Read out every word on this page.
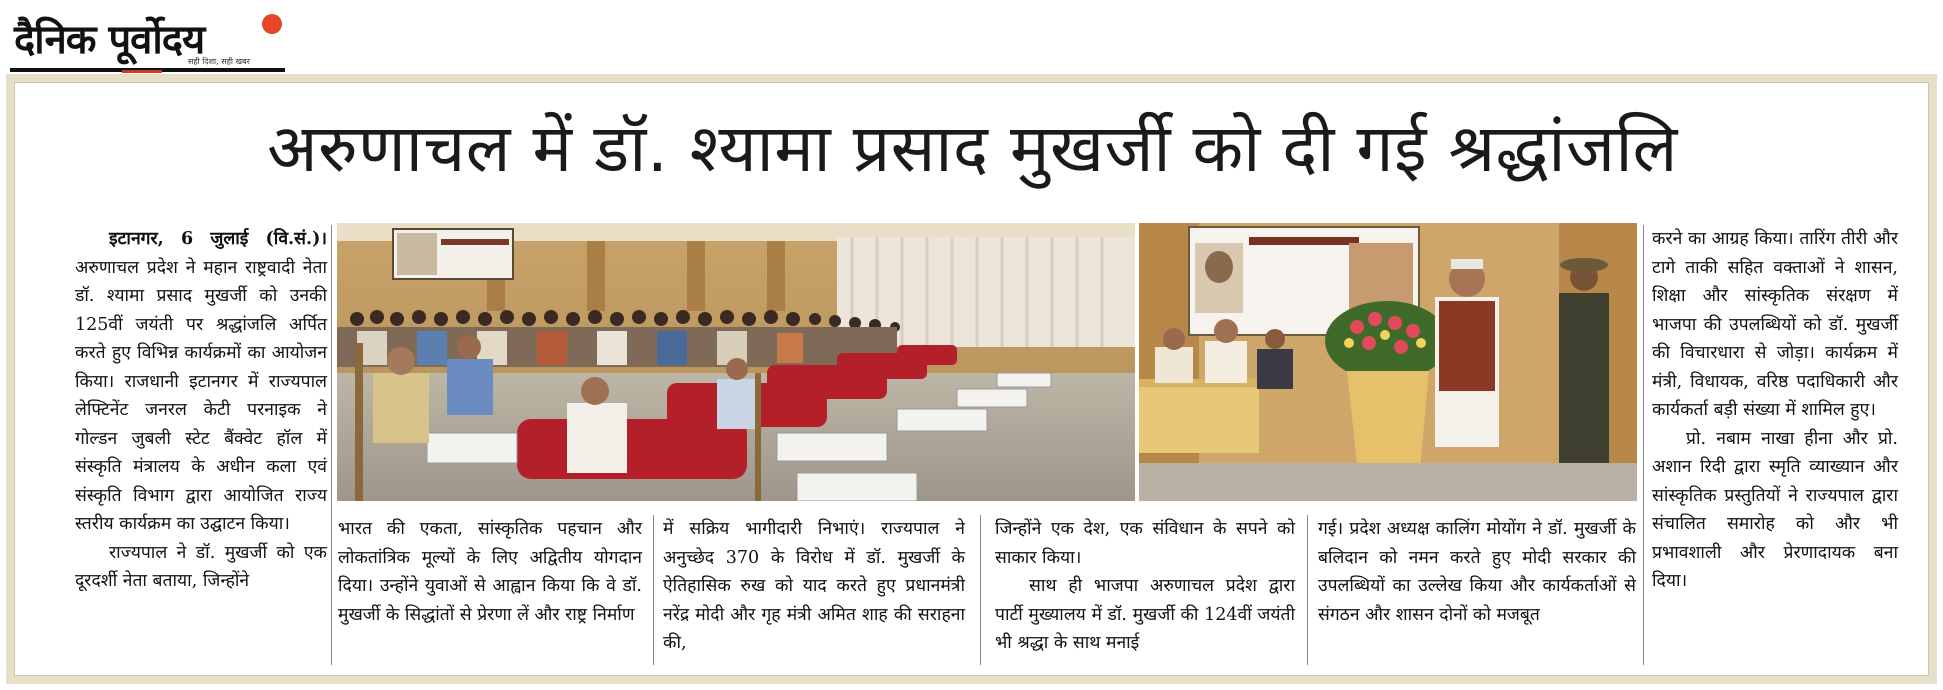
दैनिक पूर्वोदय
सही दिशा, सही खबर
अरुणाचल में डॉ. श्यामा प्रसाद मुखर्जी को दी गई श्रद्धांजलि

इटानगर, 6 जुलाई (वि.सं.)। अरुणाचल प्रदेश ने महान राष्ट्रवादी नेता डॉ. श्यामा प्रसाद मुखर्जी को उनकी 125वीं जयंती पर श्रद्धांजलि अर्पित करते हुए विभिन्न कार्यक्रमों का आयोजन किया। राजधानी इटानगर में राज्यपाल लेफ्टिनेंट जनरल केटी परनाइक ने गोल्डन जुबली स्टेट बैंक्वेट हॉल में संस्कृति मंत्रालय के अधीन कला एवं संस्कृति विभाग द्वारा आयोजित राज्य स्तरीय कार्यक्रम का उद्घाटन किया।

राज्यपाल ने डॉ. मुखर्जी को एक दूरदर्शी नेता बताया, जिन्होंने

भारत की एकता, सांस्कृतिक पहचान और लोकतांत्रिक मूल्यों के लिए अद्वितीय योगदान दिया। उन्होंने युवाओं से आह्वान किया कि वे डॉ. मुखर्जी के सिद्धांतों से प्रेरणा लें और राष्ट्र निर्माण
में सक्रिय भागीदारी निभाएं। राज्यपाल ने अनुच्छेद 370 के विरोध में डॉ. मुखर्जी के ऐतिहासिक रुख को याद करते हुए प्रधानमंत्री नरेंद्र मोदी और गृह मंत्री अमित शाह की सराहना की,
जिन्होंने एक देश, एक संविधान के सपने को साकार किया।
साथ ही भाजपा अरुणाचल प्रदेश द्वारा पार्टी मुख्यालय में डॉ. मुखर्जी की 124वीं जयंती भी श्रद्धा के साथ मनाई
गई। प्रदेश अध्यक्ष कालिंग मोयोंग ने डॉ. मुखर्जी के बलिदान को नमन करते हुए मोदी सरकार की उपलब्धियों का उल्लेख किया और कार्यकर्ताओं से संगठन और शासन दोनों को मजबूत

करने का आग्रह किया। तारिंग तीरी और टागे ताकी सहित वक्ताओं ने शासन, शिक्षा और सांस्कृतिक संरक्षण में भाजपा की उपलब्धियों को डॉ. मुखर्जी की विचारधारा से जोड़ा। कार्यक्रम में मंत्री, विधायक, वरिष्ठ पदाधिकारी और कार्यकर्ता बड़ी संख्या में शामिल हुए।

प्रो. नबाम नाखा हीना और प्रो. अशान रिदी द्वारा स्मृति व्याख्यान और सांस्कृतिक प्रस्तुतियों ने राज्यपाल द्वारा संचालित समारोह को और भी प्रभावशाली और प्रेरणादायक बना दिया।
